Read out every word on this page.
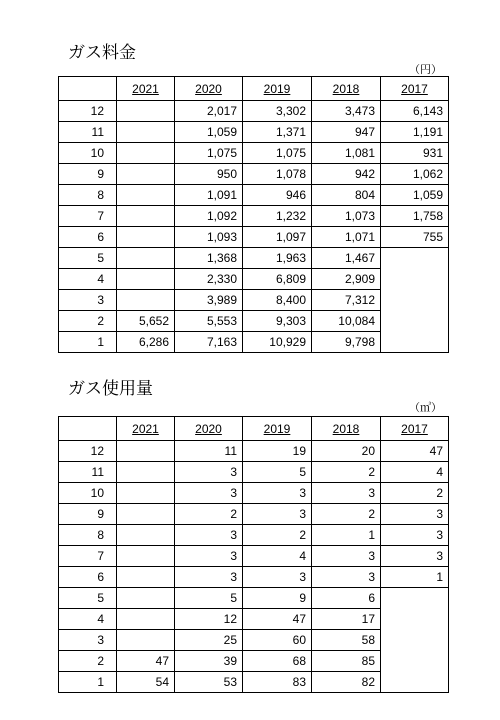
ガス料金
（円）
	2021	2020	2019	2018	2017
12		2,017	3,302	3,473	6,143
11		1,059	1,371	947	1,191
10		1,075	1,075	1,081	931
9		950	1,078	942	1,062
8		1,091	946	804	1,059
7		1,092	1,232	1,073	1,758
6		1,093	1,097	1,071	755
5		1,368	1,963	1,467	
4		2,330	6,809	2,909	
3		3,989	8,400	7,312	
2	5,652	5,553	9,303	10,084	
1	6,286	7,163	10,929	9,798	
ガス使用量
（㎥）
	2021	2020	2019	2018	2017
12		11	19	20	47
11		3	5	2	4
10		3	3	3	2
9		2	3	2	3
8		3	2	1	3
7		3	4	3	3
6		3	3	3	1
5		5	9	6	
4		12	47	17	
3		25	60	58	
2	47	39	68	85	
1	54	53	83	82	
